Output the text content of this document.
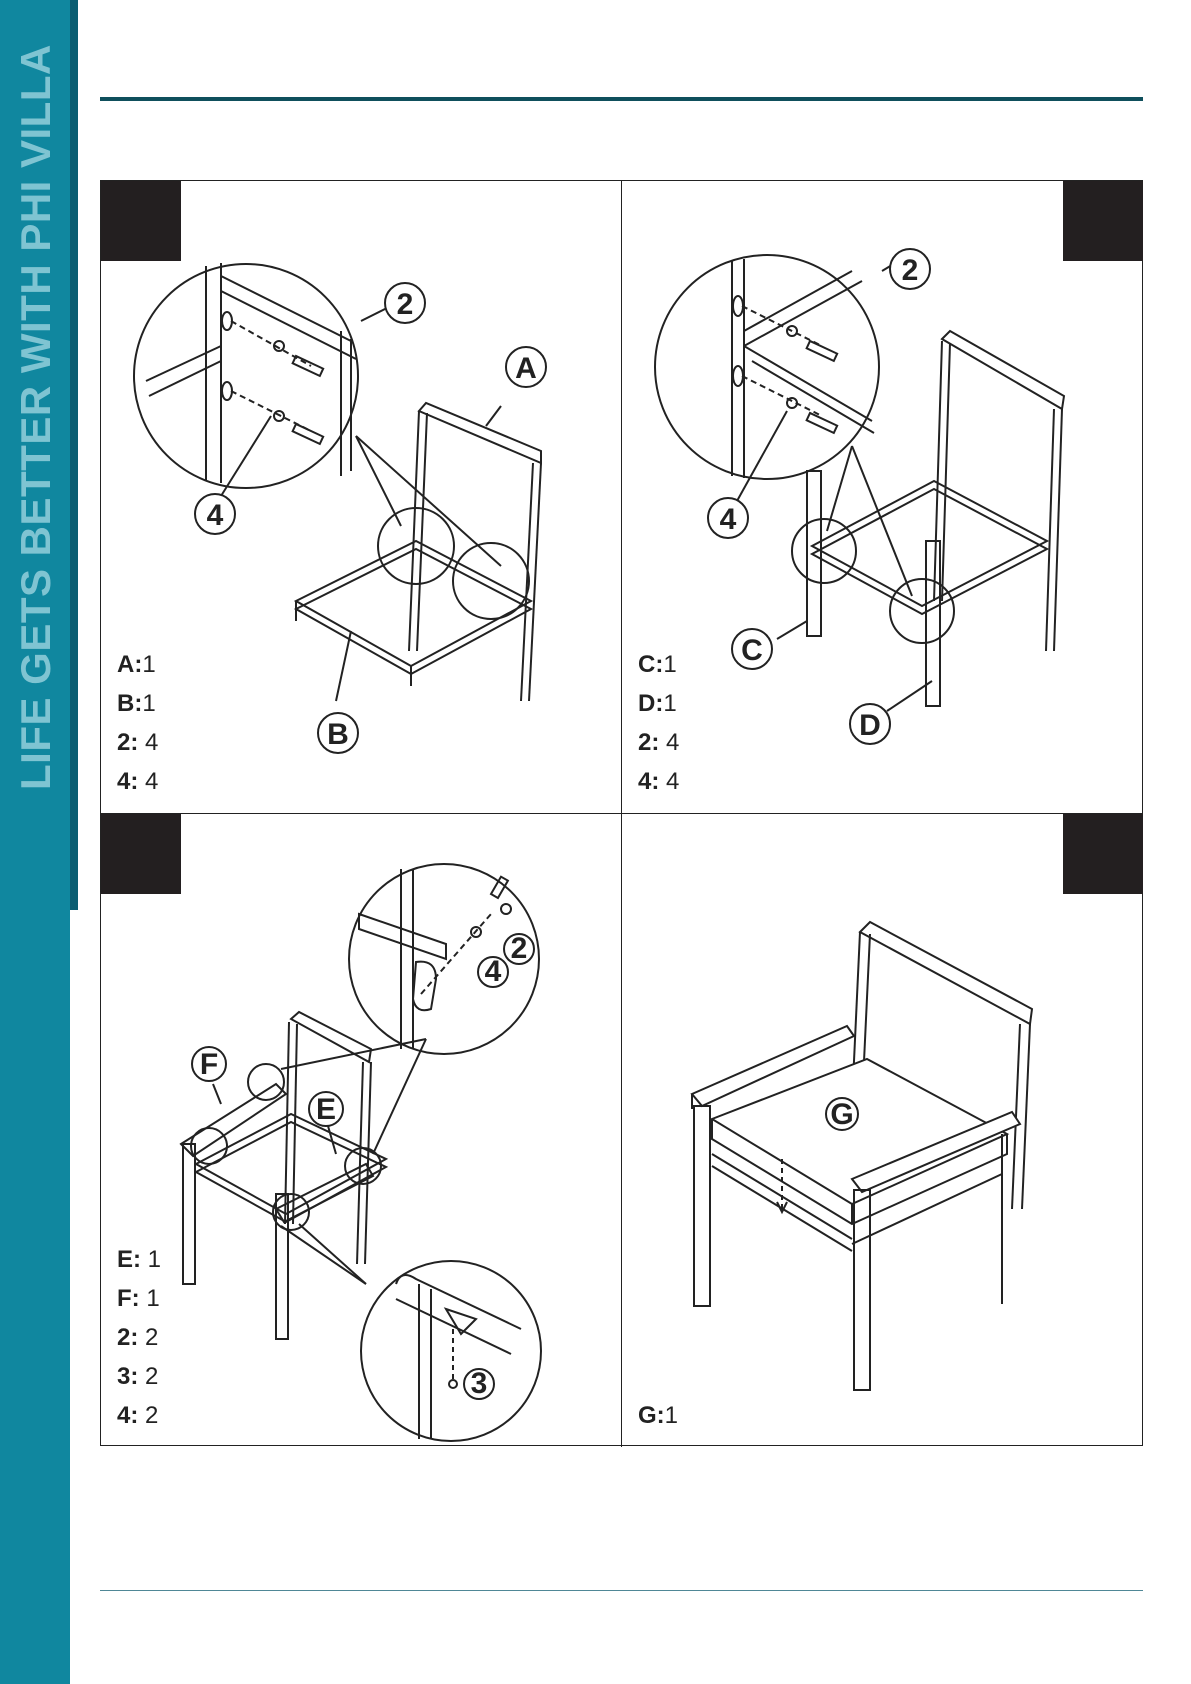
LIFE GETS BETTER WITH PHI VILLA	A
B
2
4
A:1
B:1
2: 4
4: 4
C
D
2
4
C:1
D:1
2: 4
4: 4
F
E
2
4
3
E: 1
F: 1
2: 2
3: 2
4: 2
G
G:1
